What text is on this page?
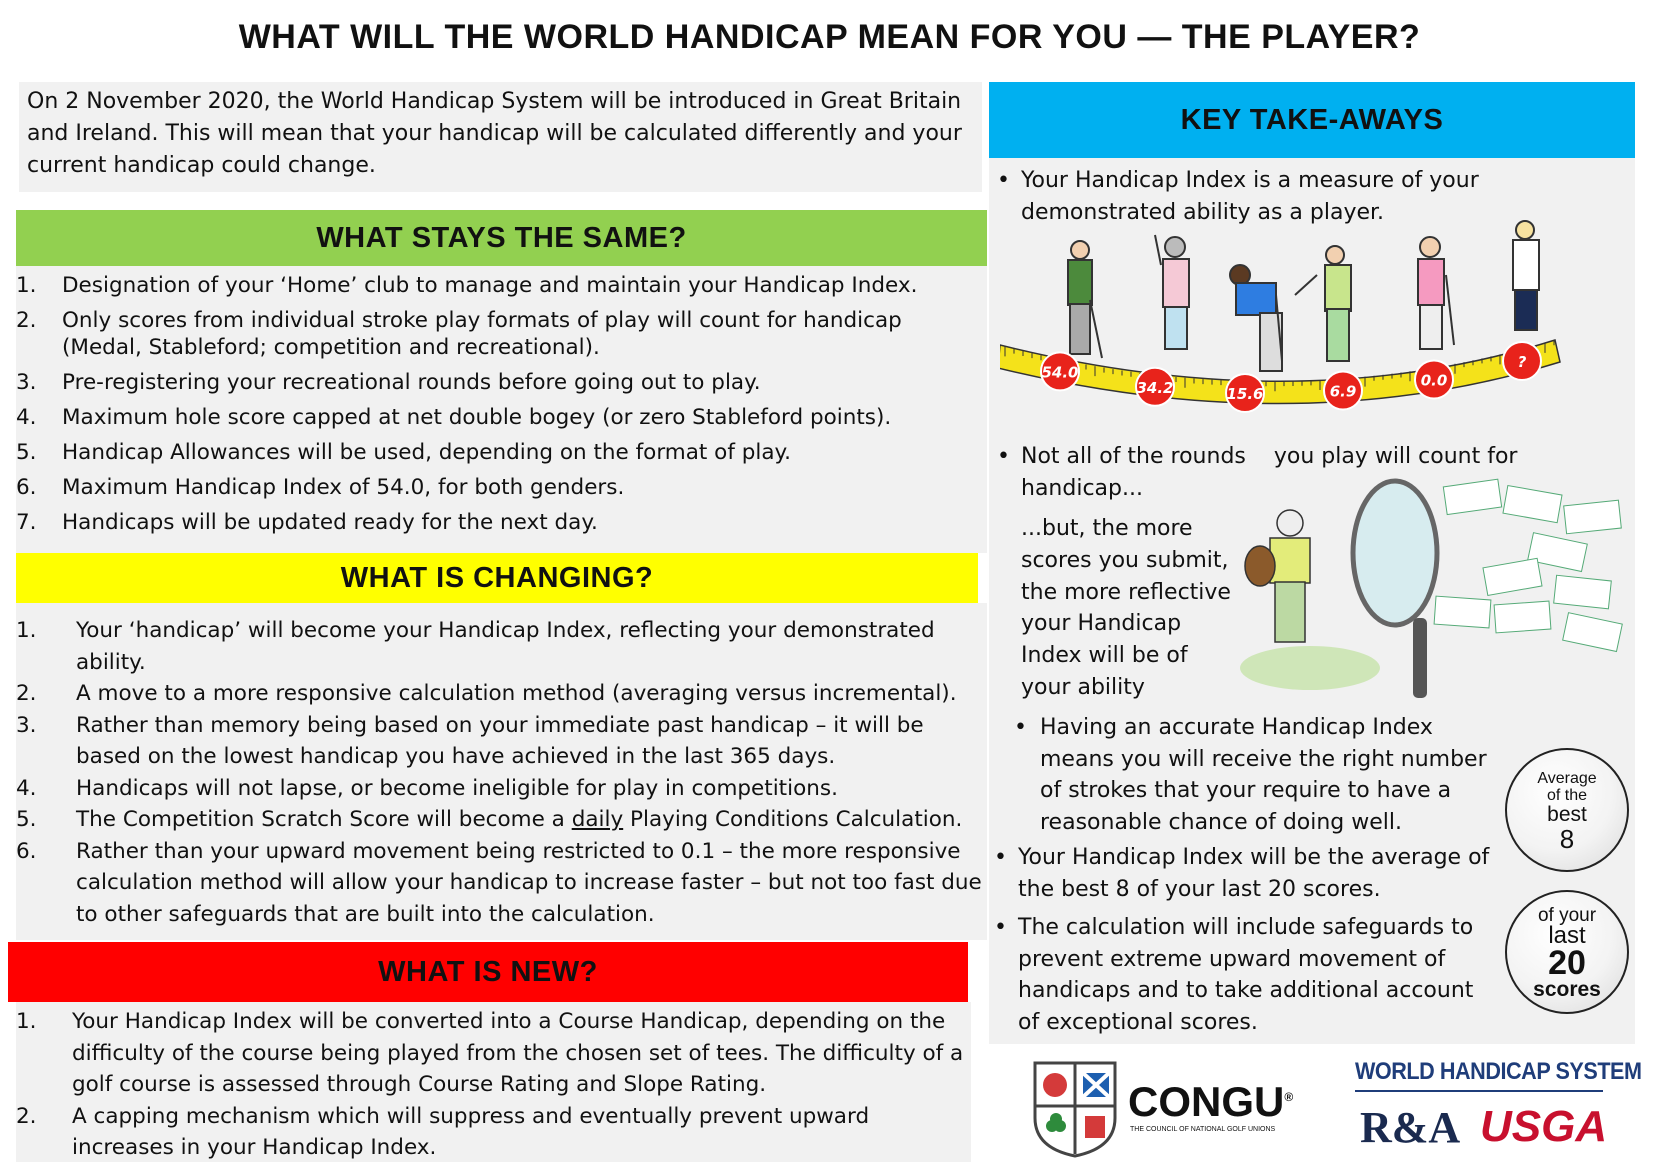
WHAT WILL THE WORLD HANDICAP MEAN FOR YOU — THE PLAYER?
On 2 November 2020, the World Handicap System will be introduced in Great Britain and Ireland. This will mean that your handicap will be calculated differently and your current handicap could change.
WHAT STAYS THE SAME?
1. Designation of your ‘Home’ club to manage and maintain your Handicap Index.
2. Only scores from individual stroke play formats of play will count for handicap (Medal, Stableford; competition and recreational).
3. Pre-registering your recreational rounds before going out to play.
4. Maximum hole score capped at net double bogey (or zero Stableford points).
5. Handicap Allowances will be used, depending on the format of play.
6. Maximum Handicap Index of 54.0, for both genders.
7. Handicaps will be updated ready for the next day.
WHAT IS CHANGING?
1. Your ‘handicap’ will become your Handicap Index, reflecting your demonstrated ability.
2. A move to a more responsive calculation method (averaging versus incremental).
3. Rather than memory being based on your immediate past handicap – it will be based on the lowest handicap you have achieved in the last 365 days.
4. Handicaps will not lapse, or become ineligible for play in competitions.
5. The Competition Scratch Score will become a daily Playing Conditions Calculation.
6. Rather than your upward movement being restricted to 0.1 – the more responsive calculation method will allow your handicap to increase faster – but not too fast due to other safeguards that are built into the calculation.
WHAT IS NEW?
1. Your Handicap Index will be converted into a Course Handicap, depending on the difficulty of the course being played from the chosen set of tees. The difficulty of a golf course is assessed through Course Rating and Slope Rating.
2. A capping mechanism which will suppress and eventually prevent upward increases in your Handicap Index.
KEY TAKE-AWAYS
• Your Handicap Index is a measure of your demonstrated ability as a player.
54.0
34.2	15.6	6.9
0.0
?
• Not all of the rounds    you play will count for handicap...
...but, the more scores you submit, the more reflective your Handicap Index will be of your ability
• Having an accurate Handicap Index means you will receive the right number of strokes that your require to have a reasonable chance of doing well.
• Your Handicap Index will be the average of the best 8 of your last 20 scores.
• The calculation will include safeguards to prevent extreme upward movement of handicaps and to take additional account of exceptional scores.
Average
of the
best
8
of your
last
20
scores
CONGU®
THE COUNCIL OF NATIONAL GOLF UNIONS
WORLD HANDICAP SYSTEM
R&A USGA
